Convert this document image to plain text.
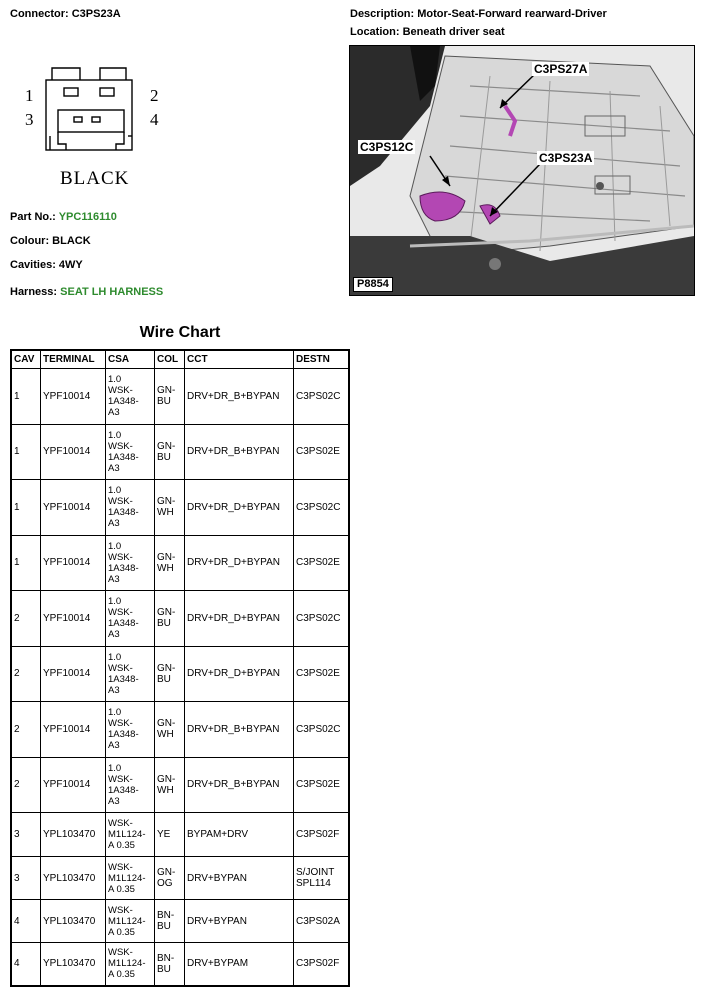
Connector: C3PS23A	Description: Motor-Seat-Forward rearward-Driver
Location: Beneath driver seat
1	2
3	4
BLACK
Part No.: YPC116110
Colour: BLACK
Cavities: 4WY
Harness: SEAT LH HARNESS
C3PS27A
C3PS12C
C3PS23A
P8854
Wire Chart
CAV	TERMINAL	CSA	COL	CCT	DESTN
1	YPF10014	1.0
WSK-
1A348-
A3	GN-
BU	DRV+DR_B+BYPAN	C3PS02C
1	YPF10014	1.0
WSK-
1A348-
A3	GN-
BU	DRV+DR_B+BYPAN	C3PS02E
1	YPF10014	1.0
WSK-
1A348-
A3	GN-
WH	DRV+DR_D+BYPAN	C3PS02C
1	YPF10014	1.0
WSK-
1A348-
A3	GN-
WH	DRV+DR_D+BYPAN	C3PS02E
2	YPF10014	1.0
WSK-
1A348-
A3	GN-
BU	DRV+DR_D+BYPAN	C3PS02C
2	YPF10014	1.0
WSK-
1A348-
A3	GN-
BU	DRV+DR_D+BYPAN	C3PS02E
2	YPF10014	1.0
WSK-
1A348-
A3	GN-
WH	DRV+DR_B+BYPAN	C3PS02C
2	YPF10014	1.0
WSK-
1A348-
A3	GN-
WH	DRV+DR_B+BYPAN	C3PS02E
3	YPL103470	WSK-
M1L124-
A 0.35	YE	BYPAM+DRV	C3PS02F
3	YPL103470	WSK-
M1L124-
A 0.35	GN-
OG	DRV+BYPAN	S/JOINT
SPL114
4	YPL103470	WSK-
M1L124-
A 0.35	BN-
BU	DRV+BYPAN	C3PS02A
4	YPL103470	WSK-
M1L124-
A 0.35	BN-
BU	DRV+BYPAM	C3PS02F
